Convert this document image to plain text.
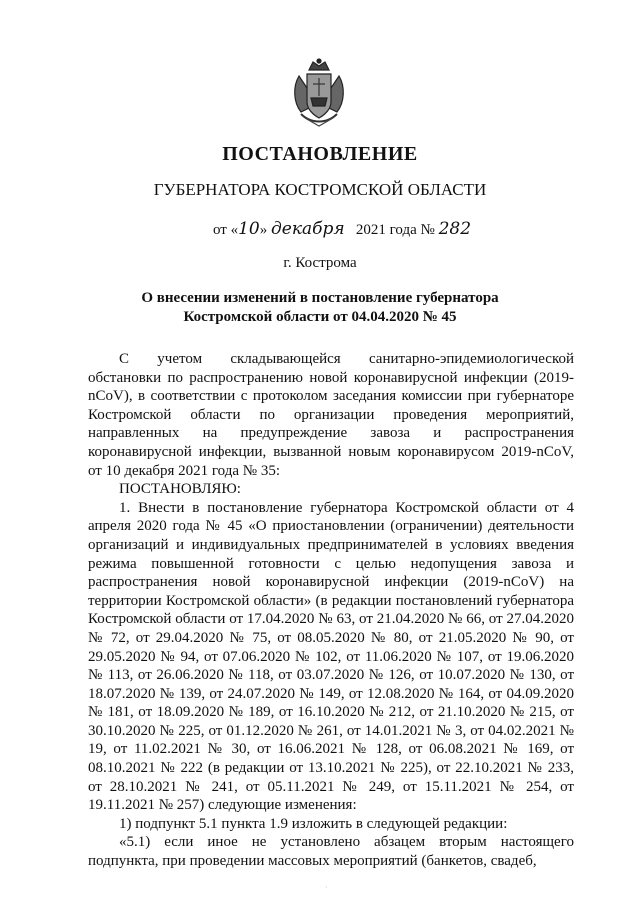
ПОСТАНОВЛЕНИЕ
ГУБЕРНАТОРА КОСТРОМСКОЙ ОБЛАСТИ
от «10» декабря 2021 года № 282
г. Кострома
О внесении изменений в постановление губернатора Костромской области от 04.04.2020 № 45

С учетом складывающейся санитарно-эпидемиологической обстановки по распространению новой коронавирусной инфекции (2019-nCoV), в соответствии с протоколом заседания комиссии при губернаторе Костромской области по организации проведения мероприятий, направленных на предупреждение завоза и распространения коронавирусной инфекции, вызванной новым коронавирусом 2019-nCoV, от 10 декабря 2021 года № 35:

ПОСТАНОВЛЯЮ:

1. Внести в постановление губернатора Костромской области от 4 апреля 2020 года № 45 «О приостановлении (ограничении) деятельности организаций и индивидуальных предпринимателей в условиях введения режима повышенной готовности с целью недопущения завоза и распространения новой коронавирусной инфекции (2019-nCoV) на территории Костромской области» (в редакции постановлений губернатора Костромской области от 17.04.2020 № 63, от 21.04.2020 № 66, от 27.04.2020 № 72, от 29.04.2020 № 75, от 08.05.2020 № 80, от 21.05.2020 № 90, от 29.05.2020 № 94, от 07.06.2020 № 102, от 11.06.2020 № 107, от 19.06.2020 № 113, от 26.06.2020 № 118, от 03.07.2020 № 126, от 10.07.2020 № 130, от 18.07.2020 № 139, от 24.07.2020 № 149, от 12.08.2020 № 164, от 04.09.2020 № 181, от 18.09.2020 № 189, от 16.10.2020 № 212, от 21.10.2020 № 215, от 30.10.2020 № 225, от 01.12.2020 № 261, от 14.01.2021 № 3, от 04.02.2021 № 19, от 11.02.2021 № 30, от 16.06.2021 № 128, от 06.08.2021 № 169, от 08.10.2021 № 222 (в редакции от 13.10.2021 № 225), от 22.10.2021 № 233, от 28.10.2021 № 241, от 05.11.2021 № 249, от 15.11.2021 № 254, от 19.11.2021 № 257) следующие изменения:

1) подпункт 5.1 пункта 1.9 изложить в следующей редакции:

«5.1) если иное не установлено абзацем вторым настоящего подпункта, при проведении массовых мероприятий (банкетов, свадеб,

·
